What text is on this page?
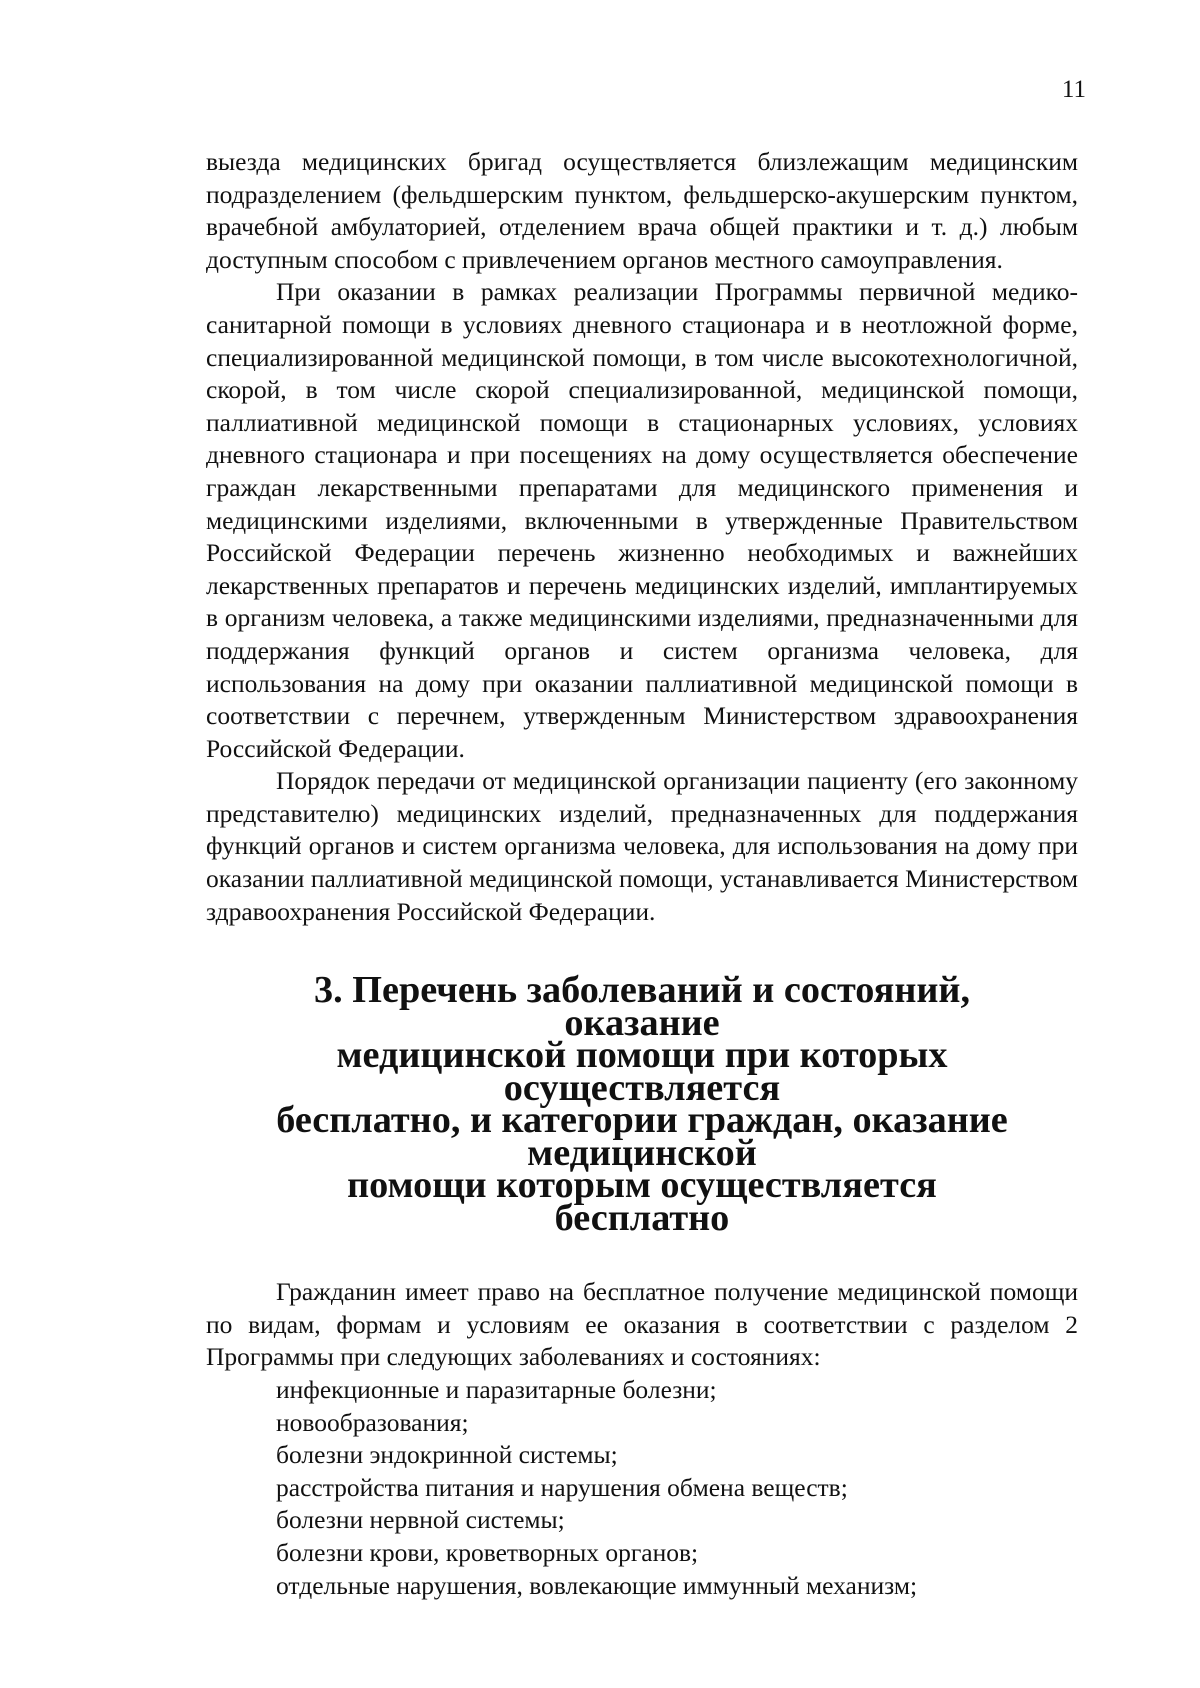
11

выезда медицинских бригад осуществляется близлежащим медицинским подразделением (фельдшерским пунктом, фельдшерско-акушерским пунктом, врачебной амбулаторией, отделением врача общей практики и т. д.) любым доступным способом с привлечением органов местного самоуправления.

При оказании в рамках реализации Программы первичной медико-санитарной помощи в условиях дневного стационара и в неотложной форме, специализированной медицинской помощи, в том числе высокотехнологичной, скорой, в том числе скорой специализированной, медицинской помощи, паллиативной медицинской помощи в стационарных условиях, условиях дневного стационара и при посещениях на дому осуществляется обеспечение граждан лекарственными препаратами для медицинского применения и медицинскими изделиями, включенными в утвержденные Правительством Российской Федерации перечень жизненно необходимых и важнейших лекарственных препаратов и перечень медицинских изделий, имплантируемых в организм человека, а также медицинскими изделиями, предназначенными для поддержания функций органов и систем организма человека, для использования на дому при оказании паллиативной медицинской помощи в соответствии с перечнем, утвержденным Министерством здравоохранения Российской Федерации.

Порядок передачи от медицинской организации пациенту (его законному представителю) медицинских изделий, предназначенных для поддержания функций органов и систем организма человека, для использования на дому при оказании паллиативной медицинской помощи, устанавливается Министерством здравоохранения Российской Федерации.

3. Перечень заболеваний и состояний, оказание
медицинской помощи при которых осуществляется
бесплатно, и категории граждан, оказание медицинской
помощи которым осуществляется бесплатно

Гражданин имеет право на бесплатное получение медицинской помощи по видам, формам и условиям ее оказания в соответствии с разделом 2 Программы при следующих заболеваниях и состояниях:

инфекционные и паразитарные болезни;
новообразования;
болезни эндокринной системы;
расстройства питания и нарушения обмена веществ;
болезни нервной системы;
болезни крови, кроветворных органов;
отдельные нарушения, вовлекающие иммунный механизм;
